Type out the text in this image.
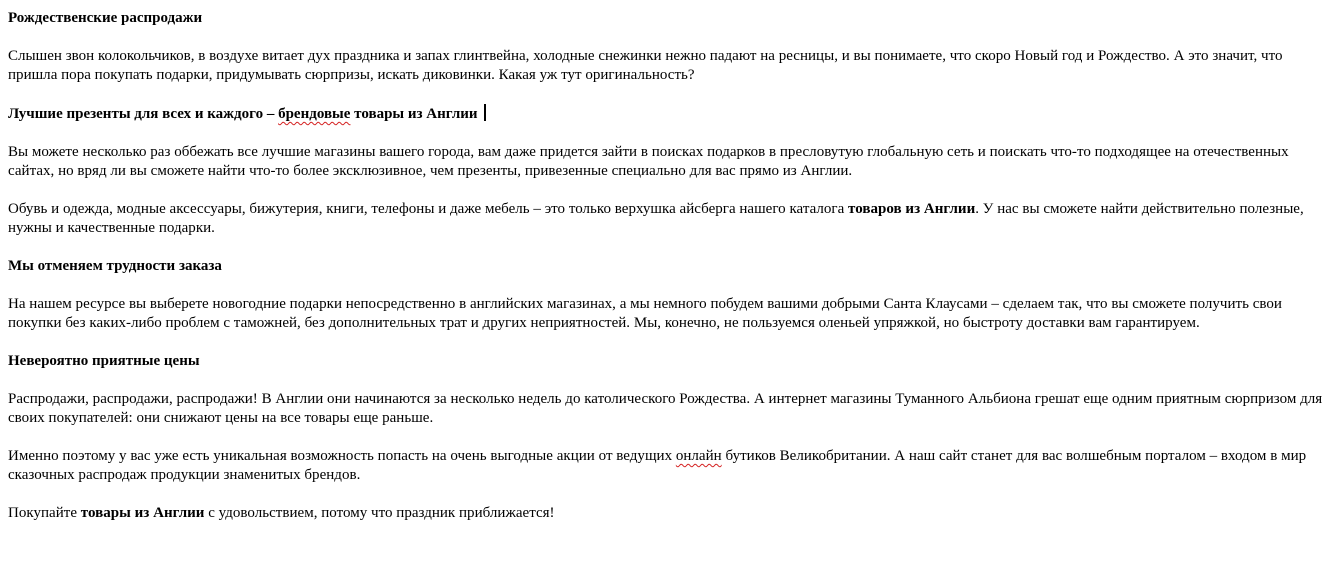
Рождественские распродажи
Слышен звон колокольчиков, в воздухе витает дух праздника и запах глинтвейна, холодные снежинки нежно падают на ресницы, и вы понимаете, что скоро Новый год и Рождество. А это значит, что пришла пора покупать подарки, придумывать сюрпризы, искать диковинки. Какая уж тут оригинальность?
Лучшие презенты для всех и каждого – брендовые товары из Англии
Вы можете несколько раз оббежать все лучшие магазины вашего города, вам даже придется зайти в поисках подарков в пресловутую глобальную сеть и поискать что-то подходящее на отечественных сайтах, но вряд ли вы сможете найти что-то более эксклюзивное, чем презенты, привезенные специально для вас прямо из Англии.
Обувь и одежда, модные аксессуары, бижутерия, книги, телефоны и даже мебель – это только верхушка айсберга нашего каталога товаров из Англии. У нас вы сможете найти действительно полезные, нужны и качественные подарки.
Мы отменяем трудности заказа
На нашем ресурсе вы выберете новогодние подарки непосредственно в английских магазинах, а мы немного побудем вашими добрыми Санта Клаусами – сделаем так, что вы сможете получить свои покупки без каких-либо проблем с таможней, без дополнительных трат и других неприятностей. Мы, конечно, не пользуемся оленьей упряжкой, но быстроту доставки вам гарантируем.
Невероятно приятные цены
Распродажи, распродажи, распродажи! В Англии они начинаются за несколько недель до католического Рождества. А интернет магазины Туманного Альбиона грешат еще одним приятным сюрпризом для своих покупателей: они снижают цены на все товары еще раньше.
Именно поэтому у вас уже есть уникальная возможность попасть на очень выгодные акции от ведущих онлайн бутиков Великобритании. А наш сайт станет для вас волшебным порталом – входом в мир сказочных распродаж продукции знаменитых брендов.
Покупайте товары из Англии с удовольствием, потому что праздник приближается!
